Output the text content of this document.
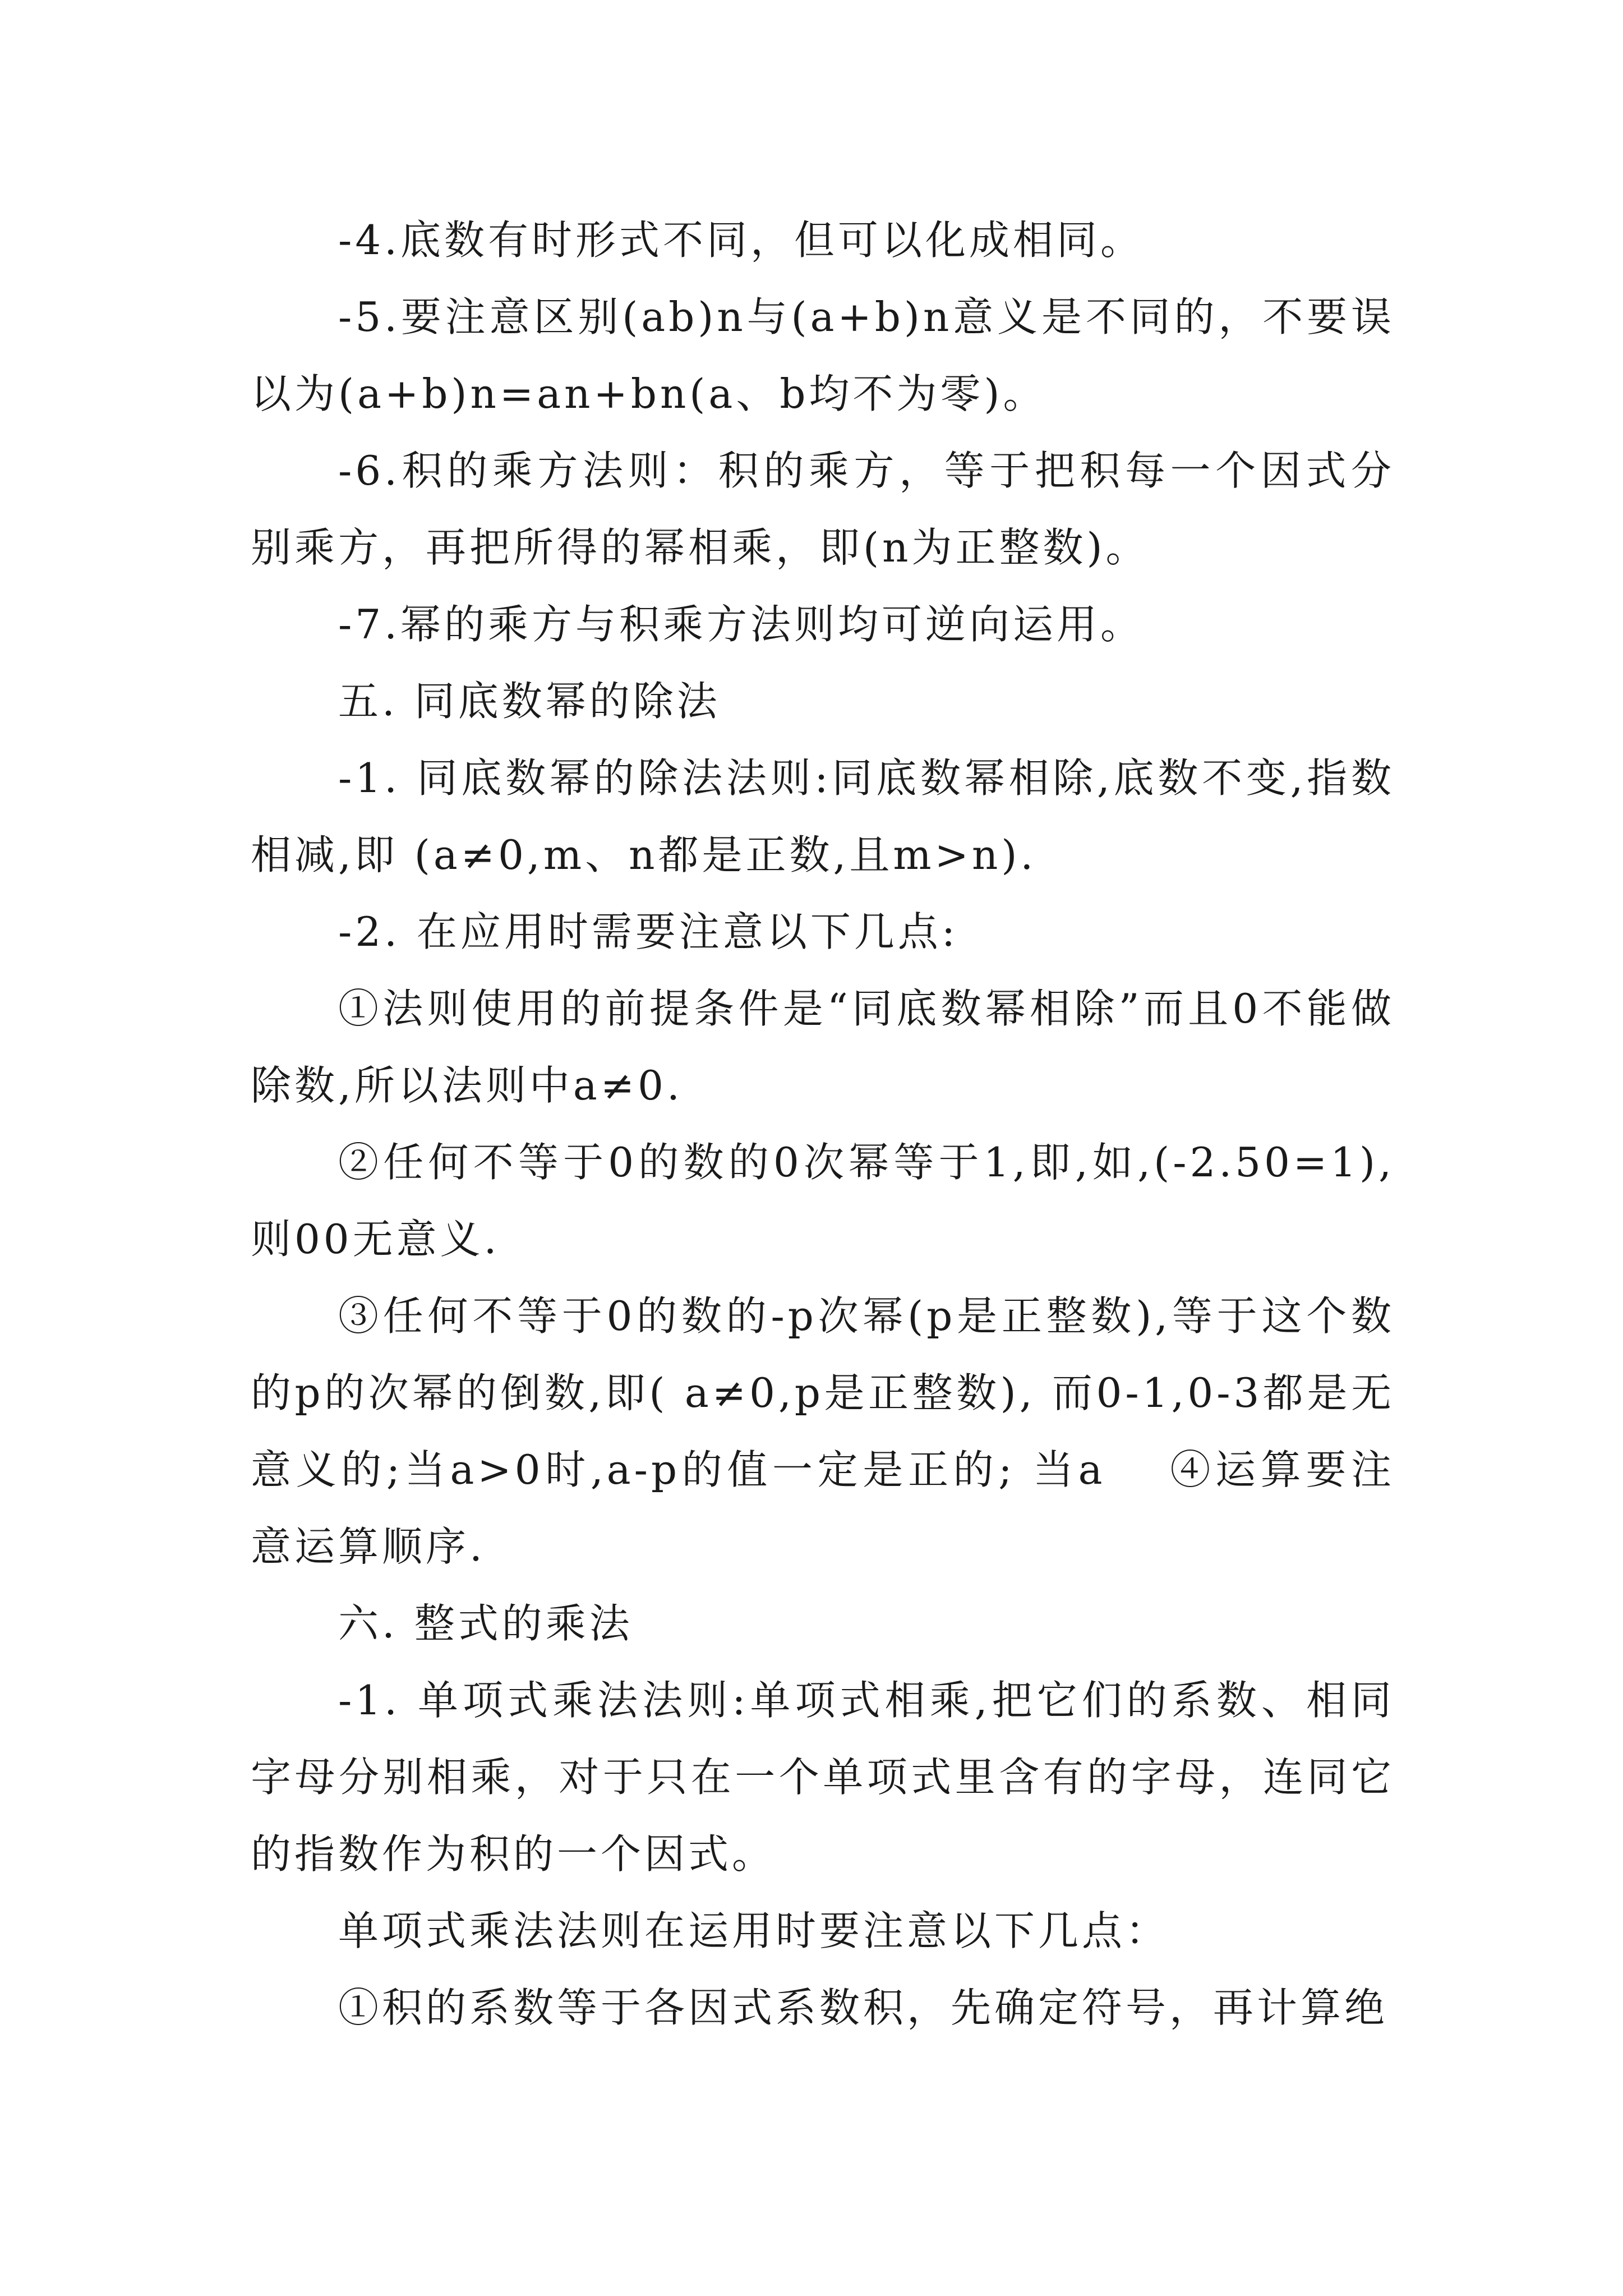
-4.底数有时形式不同，但可以化成相同。

-5.要注意区别(ab)n与(a+b)n意义是不同的，不要误以为(a+b)n=an+bn(a、b均不为零)。

-6.积的乘方法则：积的乘方，等于把积每一个因式分别乘方，再把所得的幂相乘，即(n为正整数)。

-7.幂的乘方与积乘方法则均可逆向运用。

五. 同底数幂的除法

-1. 同底数幂的除法法则:同底数幂相除,底数不变,指数相减,即 (a≠0,m、n都是正数,且m>n).

-2. 在应用时需要注意以下几点:

①法则使用的前提条件是“同底数幂相除”而且0不能做除数,所以法则中a≠0.

②任何不等于0的数的0次幂等于1,即,如,(-2.50=1),则00无意义.

③任何不等于0的数的-p次幂(p是正整数),等于这个数的p的次幂的倒数,即( a≠0,p是正整数), 而0-1,0-3都是无意义的;当a>0时,a-p的值一定是正的; 当a　 ④运算要注意运算顺序.

六. 整式的乘法

-1. 单项式乘法法则:单项式相乘,把它们的系数、相同字母分别相乘，对于只在一个单项式里含有的字母，连同它的指数作为积的一个因式。

单项式乘法法则在运用时要注意以下几点：

①积的系数等于各因式系数积，先确定符号，再计算绝
